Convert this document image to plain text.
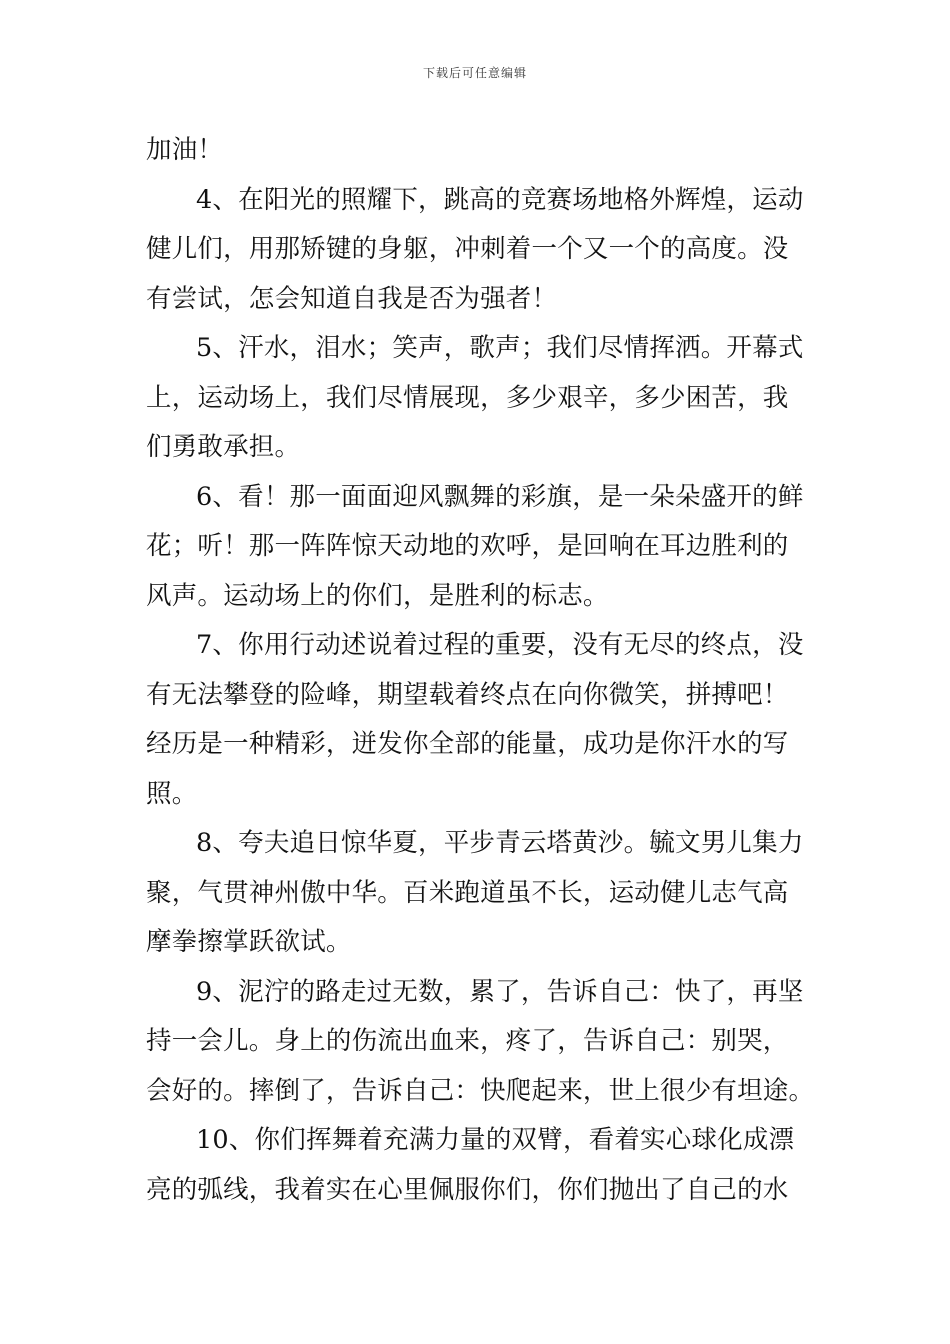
下载后可任意编辑
加油！
4、在阳光的照耀下，跳高的竞赛场地格外辉煌，运动
健儿们，用那矫键的身躯，冲刺着一个又一个的高度。没
有尝试，怎会知道自我是否为强者！
5、汗水，泪水；笑声，歌声；我们尽情挥洒。开幕式
上，运动场上，我们尽情展现，多少艰辛，多少困苦，我
们勇敢承担。
6、看！那一面面迎风飘舞的彩旗，是一朵朵盛开的鲜
花；听！那一阵阵惊天动地的欢呼，是回响在耳边胜利的
风声。运动场上的你们，是胜利的标志。
7、你用行动述说着过程的重要，没有无尽的终点，没
有无法攀登的险峰，期望载着终点在向你微笑，拼搏吧！
经历是一种精彩，迸发你全部的能量，成功是你汗水的写
照。
8、夸夫追日惊华夏，平步青云塔黄沙。毓文男儿集力
聚，气贯神州傲中华。百米跑道虽不长，运动健儿志气高
摩拳擦掌跃欲试。
9、泥泞的路走过无数，累了，告诉自己：快了，再坚
持一会儿。身上的伤流出血来，疼了，告诉自己：别哭，
会好的。摔倒了，告诉自己：快爬起来，世上很少有坦途。
10、你们挥舞着充满力量的双臂，看着实心球化成漂
亮的弧线，我着实在心里佩服你们，你们抛出了自己的水
